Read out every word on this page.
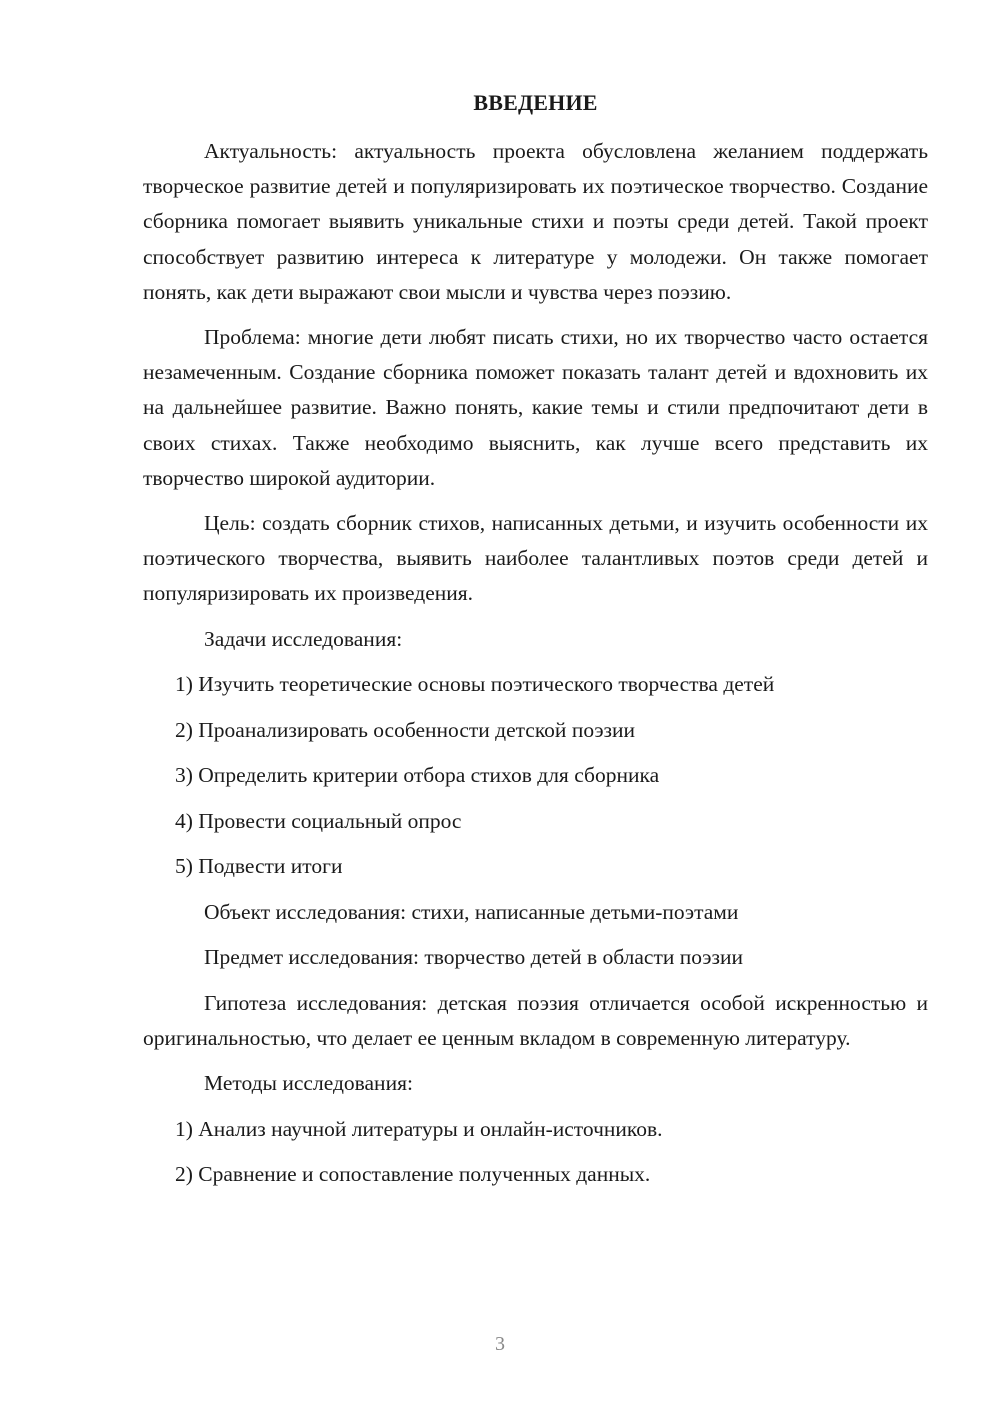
ВВЕДЕНИЕ

Актуальность: актуальность проекта обусловлена желанием поддержать творческое развитие детей и популяризировать их поэтическое творчество. Создание сборника помогает выявить уникальные стихи и поэты среди детей. Такой проект способствует развитию интереса к литературе у молодежи. Он также помогает понять, как дети выражают свои мысли и чувства через поэзию.

Проблема: многие дети любят писать стихи, но их творчество часто остается незамеченным. Создание сборника поможет показать талант детей и вдохновить их на дальнейшее развитие. Важно понять, какие темы и стили предпочитают дети в своих стихах. Также необходимо выяснить, как лучше всего представить их творчество широкой аудитории.

Цель: создать сборник стихов, написанных детьми, и изучить особенности их поэтического творчества, выявить наиболее талантливых поэтов среди детей и популяризировать их произведения.

Задачи исследования:
1) Изучить теоретические основы поэтического творчества детей
2) Проанализировать особенности детской поэзии
3) Определить критерии отбора стихов для сборника
4) Провести социальный опрос
5) Подвести итоги
Объект исследования: стихи, написанные детьми-поэтами
Предмет исследования: творчество детей в области поэзии

Гипотеза исследования: детская поэзия отличается особой искренностью и оригинальностью, что делает ее ценным вкладом в современную литературу.

Методы исследования:
1) Анализ научной литературы и онлайн-источников.
2) Сравнение и сопоставление полученных данных.
3
